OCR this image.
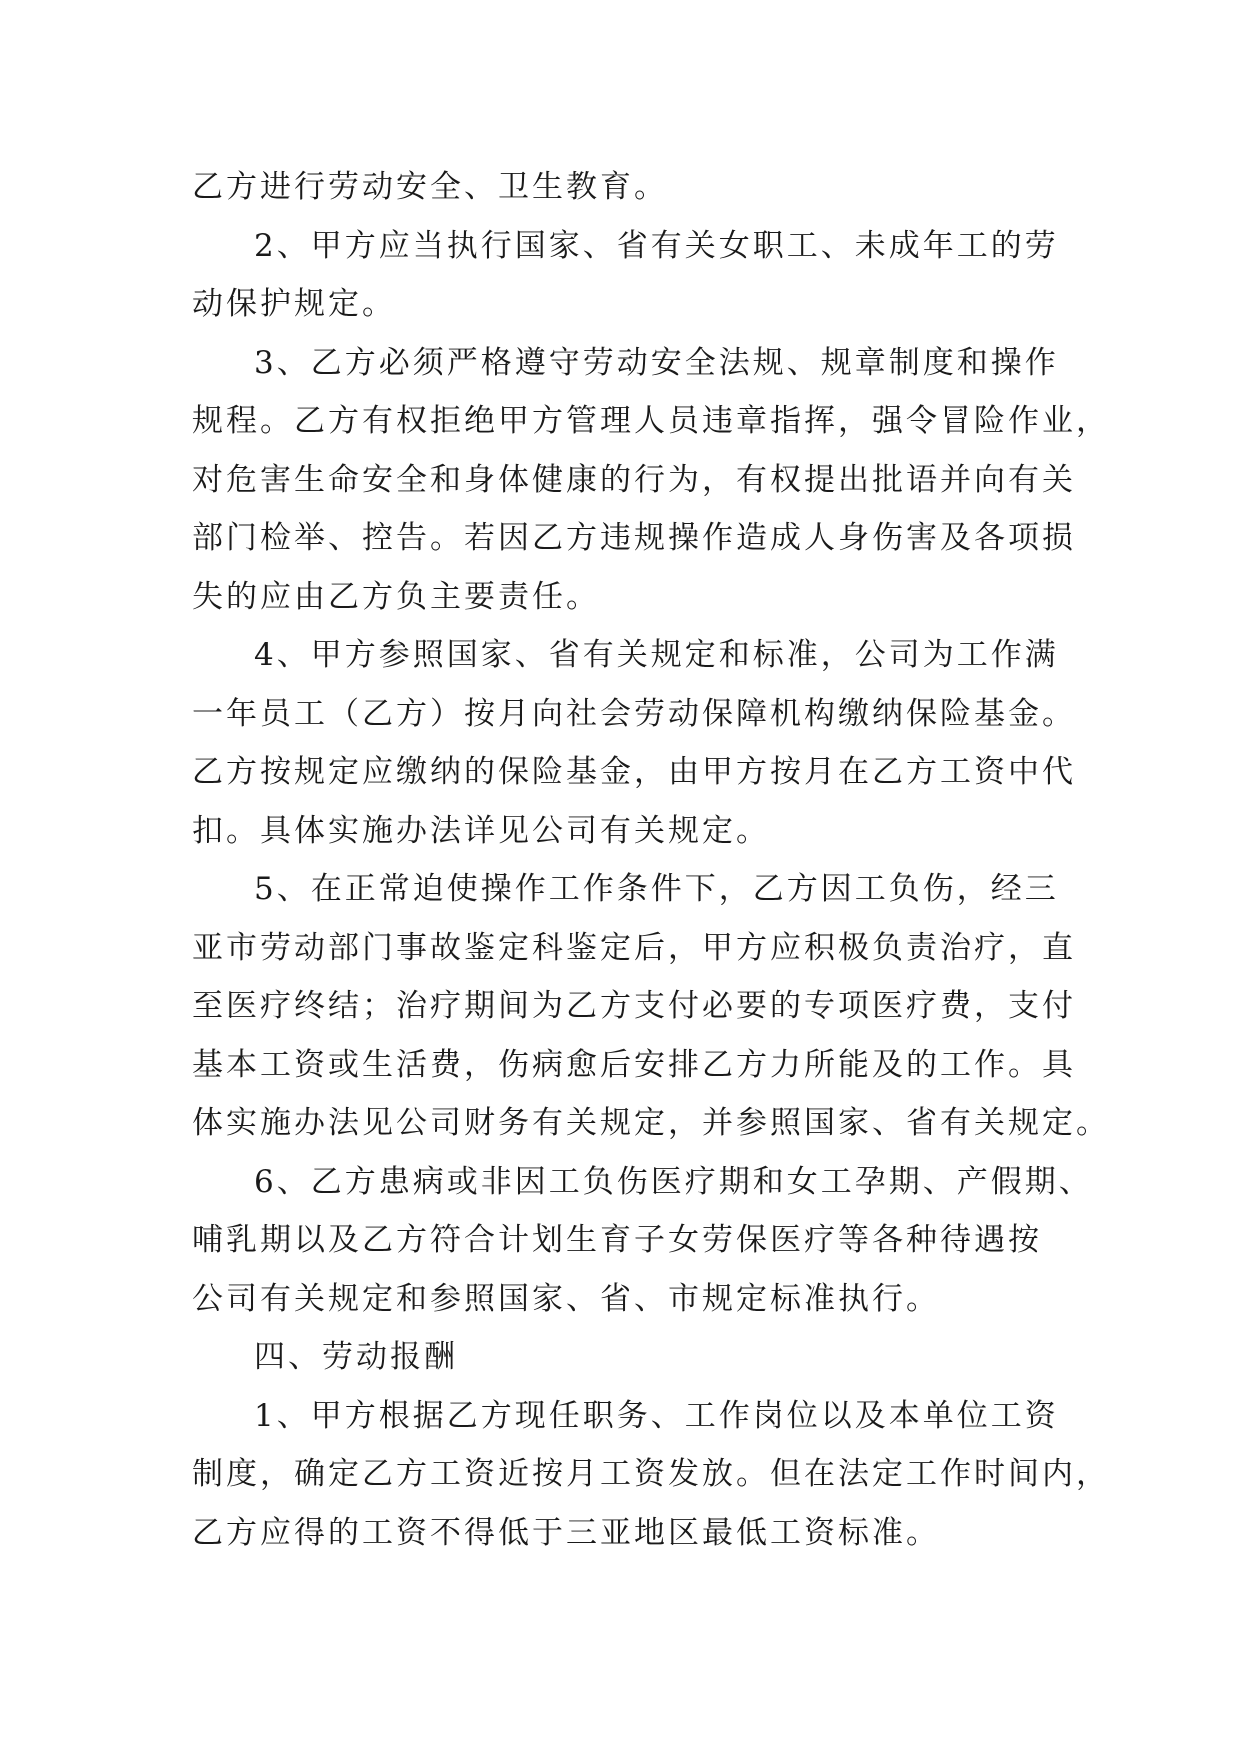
乙方进行劳动安全、卫生教育。
2、甲方应当执行国家、省有关女职工、未成年工的劳
动保护规定。
3、乙方必须严格遵守劳动安全法规、规章制度和操作
规程。乙方有权拒绝甲方管理人员违章指挥，强令冒险作业，
对危害生命安全和身体健康的行为，有权提出批语并向有关
部门检举、控告。若因乙方违规操作造成人身伤害及各项损
失的应由乙方负主要责任。
4、甲方参照国家、省有关规定和标准，公司为工作满
一年员工（乙方）按月向社会劳动保障机构缴纳保险基金。
乙方按规定应缴纳的保险基金，由甲方按月在乙方工资中代
扣。具体实施办法详见公司有关规定。
5、在正常迫使操作工作条件下，乙方因工负伤，经三
亚市劳动部门事故鉴定科鉴定后，甲方应积极负责治疗，直
至医疗终结；治疗期间为乙方支付必要的专项医疗费，支付
基本工资或生活费，伤病愈后安排乙方力所能及的工作。具
体实施办法见公司财务有关规定，并参照国家、省有关规定。
6、乙方患病或非因工负伤医疗期和女工孕期、产假期、
哺乳期以及乙方符合计划生育子女劳保医疗等各种待遇按
公司有关规定和参照国家、省、市规定标准执行。
四、劳动报酬
1、甲方根据乙方现任职务、工作岗位以及本单位工资
制度，确定乙方工资近按月工资发放。但在法定工作时间内，
乙方应得的工资不得低于三亚地区最低工资标准。
